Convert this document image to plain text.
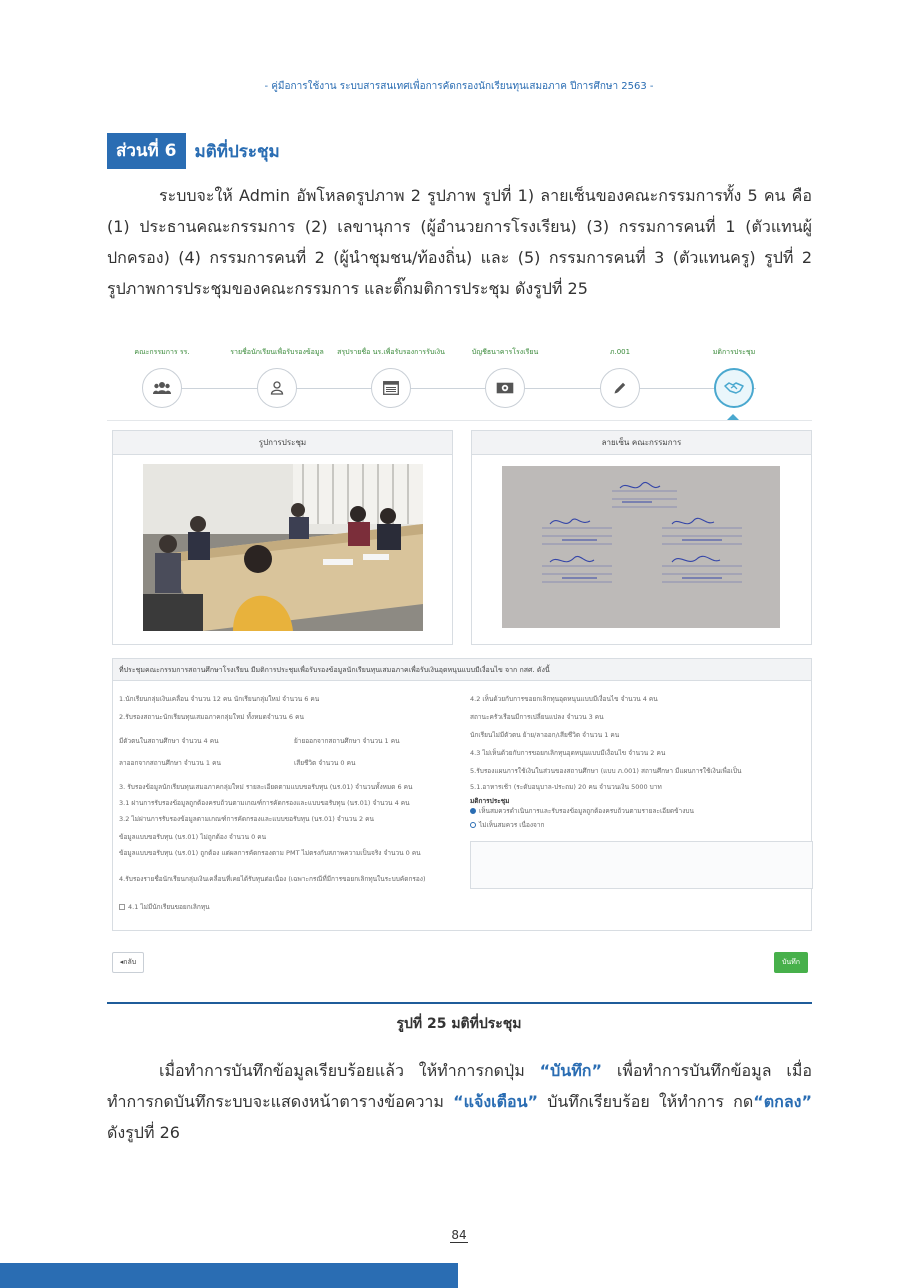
- คู่มือการใช้งาน ระบบสารสนเทศเพื่อการคัดกรองนักเรียนทุนเสมอภาค ปีการศึกษา 2563 -
ส่วนที่ 6	มติที่ประชุม
ระบบจะให้ Admin อัพโหลดรูปภาพ 2 รูปภาพ รูปที่ 1) ลายเซ็นของคณะกรรมการทั้ง 5 คน คือ (1) ประธานคณะกรรมการ (2) เลขานุการ (ผู้อำนวยการโรงเรียน) (3) กรรมการคนที่ 1 (ตัวแทนผู้ปกครอง) (4) กรรมการคนที่ 2 (ผู้นำชุมชน/ท้องถิ่น) และ (5) กรรมการคนที่ 3 (ตัวแทนครู) รูปที่ 2 รูปภาพการประชุมของคณะกรรมการ และติ๊กมติการประชุม ดังรูปที่ 25
คณะกรรมการ รร.	รายชื่อนักเรียนเพื่อรับรองข้อมูล	สรุปรายชื่อ นร.เพื่อรับรองการรับเงิน	บัญชีธนาคารโรงเรียน	ภ.001	มติการประชุม
รูปการประชุม	ลายเซ็น คณะกรรมการ
ที่ประชุมคณะกรรมการสถานศึกษาโรงเรียน มีมติการประชุมเพื่อรับรองข้อมูลนักเรียนทุนเสมอภาคเพื่อรับเงินอุดหนุนแบบมีเงื่อนไข จาก กสศ. ดังนี้
1.นักเรียนกลุ่มเงินเคลื่อน จำนวน 12 คน นักเรียนกลุ่มใหม่ จำนวน 6 คน
2.รับรองสถานะนักเรียนทุนเสมอภาคกลุ่มใหม่ ทั้งหมดจำนวน 6 คน
มีตัวตนในสถานศึกษา จำนวน 4 คน	ย้ายออกจากสถานศึกษา จำนวน 1 คน
ลาออกจากสถานศึกษา จำนวน 1 คน	เสียชีวิต จำนวน 0 คน
3. รับรองข้อมูลนักเรียนทุนเสมอภาคกลุ่มใหม่ รายละเอียดตามแบบขอรับทุน (นร.01) จำนวนทั้งหมด 6 คน
3.1 ผ่านการรับรองข้อมูลถูกต้องครบถ้วนตามเกณฑ์การคัดกรองและแบบขอรับทุน (นร.01) จำนวน 4 คน
3.2 ไม่ผ่านการรับรองข้อมูลตามเกณฑ์การคัดกรองและแบบขอรับทุน (นร.01) จำนวน 2 คน
ข้อมูลแบบขอรับทุน (นร.01) ไม่ถูกต้อง จำนวน 0 คน
ข้อมูลแบบขอรับทุน (นร.01) ถูกต้อง แต่ผลการคัดกรองตาม PMT ไม่ตรงกับสภาพความเป็นจริง จำนวน 0 คน
4.รับรองรายชื่อนักเรียนกลุ่มเงินเคลื่อนที่เคยได้รับทุนต่อเนื่อง (เฉพาะกรณีที่มีการขอยกเลิกทุนในระบบคัดกรอง)
4.1 ไม่มีนักเรียนขอยกเลิกทุน
4.2 เห็นด้วยกับการขอยกเลิกทุนอุดหนุนแบบมีเงื่อนไข จำนวน 4 คน
สถานะครัวเรือนมีการเปลี่ยนแปลง จำนวน 3 คน
นักเรียนไม่มีตัวตน ย้าย/ลาออก/เสียชีวิต จำนวน 1 คน
4.3 ไม่เห็นด้วยกับการขอยกเลิกทุนอุดหนุนแบบมีเงื่อนไข จำนวน 2 คน
5.รับรองแผนการใช้เงินในส่วนของสถานศึกษา (แบบ ภ.001) สถานศึกษา มีแผนการใช้เงินเพื่อเป็น
5.1.อาหารเช้า (ระดับอนุบาล-ประถม) 20 คน จำนวนเงิน 5000 บาท
มติการประชุม
เห็นสมควรดำเนินการและรับรองข้อมูลถูกต้องครบถ้วนตามรายละเอียดข้างบน
ไม่เห็นสมควร เนื่องจาก
◂กลับ	บันทึก
รูปที่ 25 มติที่ประชุม
เมื่อทำการบันทึกข้อมูลเรียบร้อยแล้ว ให้ทำการกดปุ่ม “บันทึก” เพื่อทำการบันทึกข้อมูล เมื่อทำการกดบันทึกระบบจะแสดงหน้าตารางข้อความ “แจ้งเตือน” บันทึกเรียบร้อย ให้ทำการ กด“ตกลง” ดังรูปที่ 26
84
